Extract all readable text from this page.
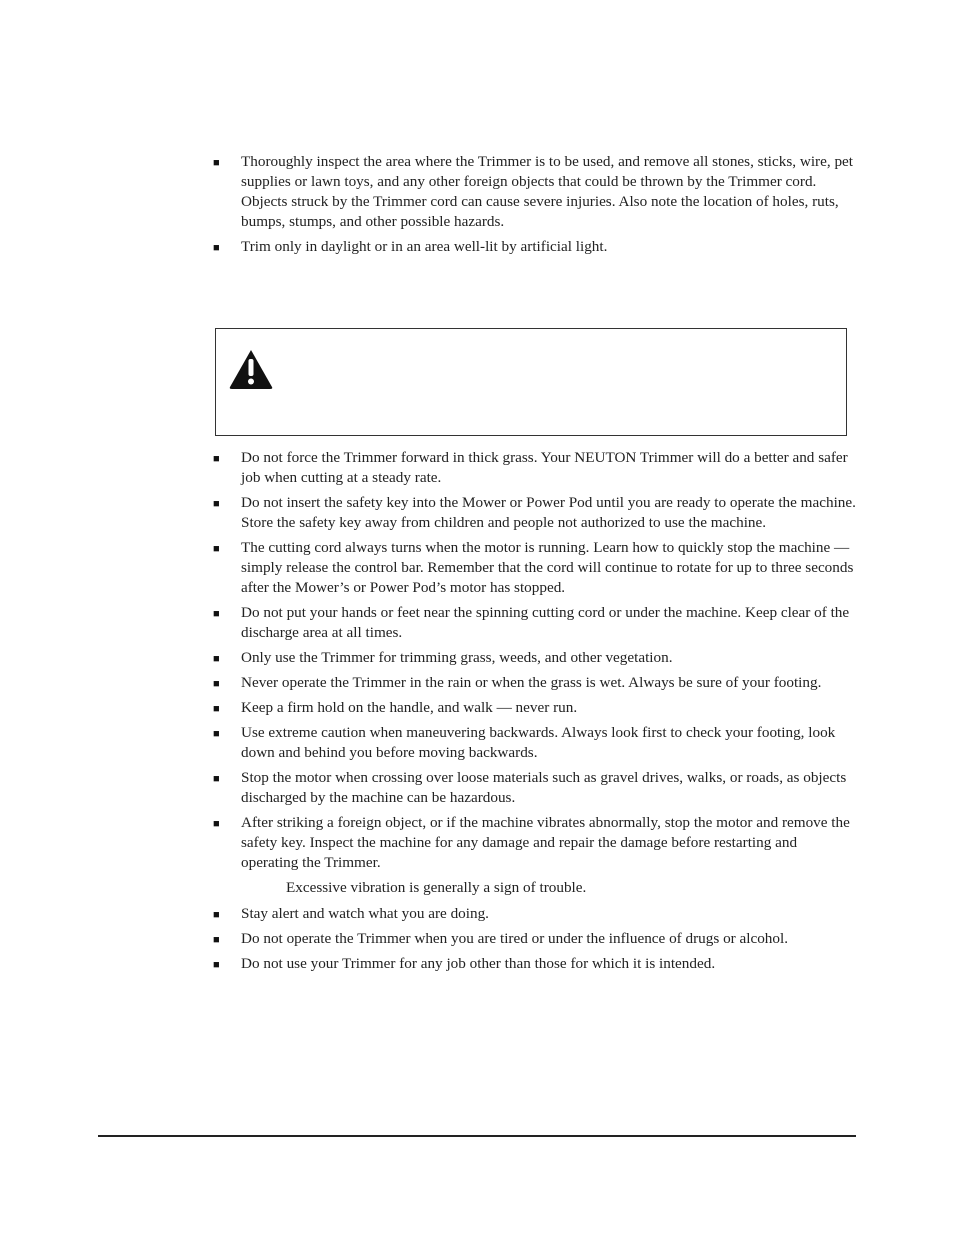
■ Thoroughly inspect the area where the Trimmer is to be used, and remove all stones, sticks, wire, pet supplies or lawn toys, and any other foreign objects that could be thrown by the Trimmer cord. Objects struck by the Trimmer cord can cause severe injuries. Also note the location of holes, ruts, bumps, stumps, and other possible hazards.
■ Trim only in daylight or in an area well-lit by artificial light.
■ Do not force the Trimmer forward in thick grass. Your NEUTON Trimmer will do a better and safer job when cutting at a steady rate.
■ Do not insert the safety key into the Mower or Power Pod until you are ready to operate the machine. Store the safety key away from children and people not authorized to use the machine.
■ The cutting cord always turns when the motor is running. Learn how to quickly stop the machine — simply release the control bar. Remember that the cord will continue to rotate for up to three seconds after the Mower’s or Power Pod’s motor has stopped.
■ Do not put your hands or feet near the spinning cutting cord or under the machine. Keep clear of the discharge area at all times.
■ Only use the Trimmer for trimming grass, weeds, and other vegetation.
■ Never operate the Trimmer in the rain or when the grass is wet. Always be sure of your footing.
■ Keep a firm hold on the handle, and walk — never run.
■ Use extreme caution when maneuvering backwards. Always look first to check your footing, look down and behind you before moving backwards.
■ Stop the motor when crossing over loose materials such as gravel drives, walks, or roads, as objects discharged by the machine can be hazardous.
■ After striking a foreign object, or if the machine vibrates abnormally, stop the motor and remove the safety key. Inspect the machine for any damage and repair the damage before restarting and operating the Trimmer.
Excessive vibration is generally a sign of trouble.
■ Stay alert and watch what you are doing.
■ Do not operate the Trimmer when you are tired or under the influence of drugs or alcohol.
■ Do not use your Trimmer for any job other than those for which it is intended.
